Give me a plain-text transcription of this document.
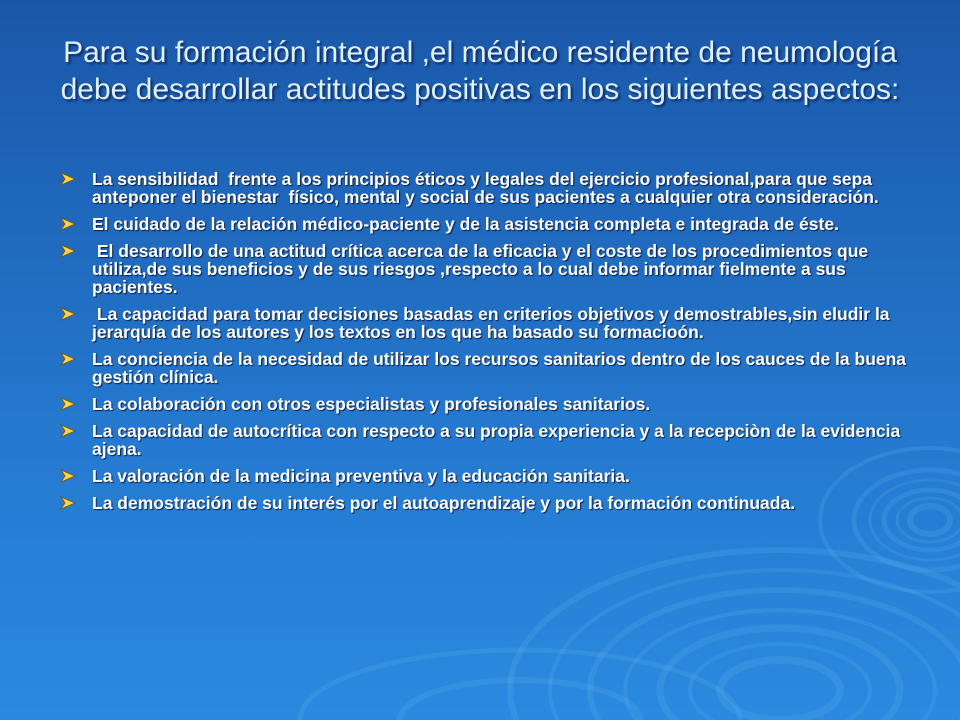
Para su formación integral ,el médico residente de neumología debe desarrollar actitudes positivas en los siguientes aspectos:
La sensibilidad  frente a los principios éticos y legales del ejercicio profesional,para que sepa anteponer el bienestar  físico, mental y social de sus pacientes a cualquier otra consideración.
El cuidado de la relación médico-paciente y de la asistencia completa e integrada de éste.
El desarrollo de una actitud crítica acerca de la eficacia y el coste de los procedimientos que utiliza,de sus beneficios y de sus riesgos ,respecto a lo cual debe informar fielmente a sus pacientes.
La capacidad para tomar decisiones basadas en criterios objetivos y demostrables,sin eludir la jerarquía de los autores y los textos en los que ha basado su formacioón.
La conciencia de la necesidad de utilizar los recursos sanitarios dentro de los cauces de la buena gestión clínica.
La colaboración con otros especialistas y profesionales sanitarios.
La capacidad de autocrítica con respecto a su propia experiencia y a la recepciòn de la evidencia ajena.
La valoración de la medicina preventiva y la educación sanitaria.
La demostración de su interés por el autoaprendizaje y por la formación continuada.
